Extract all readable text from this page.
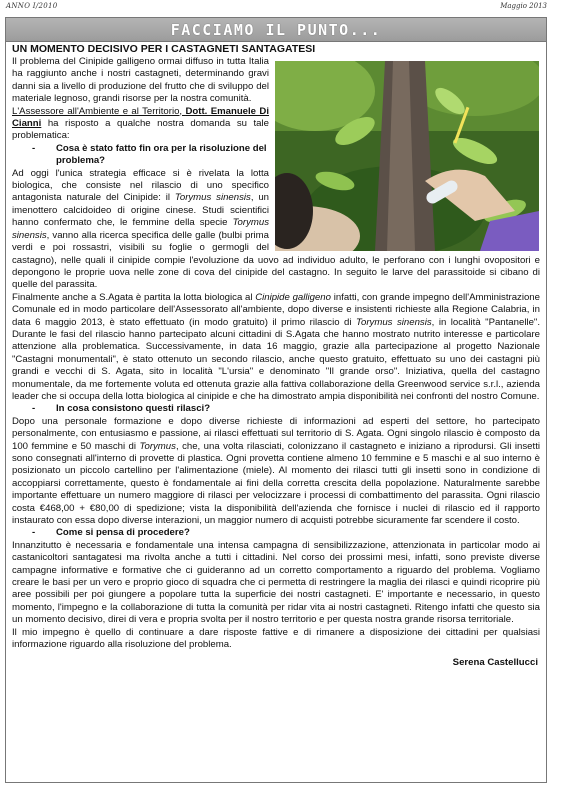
ANNO I/2010	Maggio 2013
FACCIAMO IL PUNTO...
UN MOMENTO DECISIVO PER I CASTAGNETI SANTAGATESI

Il problema del Cinipide galligeno ormai diffuso in tutta Italia ha raggiunto anche i nostri castagneti, determinando gravi danni sia a livello di produzione del frutto che di sviluppo del materiale legnoso, grandi risorse per la nostra comunità.

L'Assessore all'Ambiente e al Territorio, Dott. Emanuele Di Cianni ha risposto a qualche nostra domanda su tale problematica:

-	Cosa è stato fatto fin ora per la risoluzione del problema?

Ad oggi l'unica strategia efficace si è rivelata la lotta biologica, che consiste nel rilascio di uno specifico antagonista naturale del Cinipide: il Torymus sinensis, un imenottero calcidoideo di origine cinese. Studi scientifici hanno confermato che, le femmine della specie Torymus sinensis, vanno alla ricerca specifica delle galle (bulbi prima verdi e poi rossastri, visibili su foglie o germogli del castagno), nelle quali il cinipide compie l'evoluzione da uovo ad individuo adulto, le perforano con i lunghi ovopositori e depongono le proprie uova nelle zone di cova del cinipide del castagno. In seguito le larve del parassitoide si cibano di quelle del parassita.

Finalmente anche a S.Agata è partita la lotta biologica al Cinipide galligeno infatti, con grande impegno dell'Amministrazione Comunale ed in modo particolare dell'Assessorato all'ambiente, dopo diverse e insistenti richieste alla Regione Calabria, in data 6 maggio 2013, è stato effettuato (in modo gratuito) il primo rilascio di Torymus sinensis, in località "Pantanelle". Durante le fasi del rilascio hanno partecipato alcuni cittadini di S.Agata che hanno mostrato nutrito interesse e particolare attenzione alla problematica. Successivamente, in data 16 maggio, grazie alla partecipazione al progetto Nazionale "Castagni monumentali", è stato ottenuto un secondo rilascio, anche questo gratuito, effettuato su uno dei castagni più grandi e vecchi di S. Agata, sito in località "L'ursia" e denominato "Il grande orso". Iniziativa, quella del castagno monumentale, da me fortemente voluta ed ottenuta grazie alla fattiva collaborazione della Greenwood service s.r.l., azienda leader che si occupa della lotta biologica al cinipide e che ha dimostrato ampia disponibilità nei confronti del nostro Comune.

-	In cosa consistono questi rilasci?

Dopo una personale formazione e dopo diverse richieste di informazioni ad esperti del settore, ho partecipato personalmente, con entusiasmo e passione, ai rilasci effettuati sul territorio di S. Agata. Ogni singolo rilascio è composto da 100 femmine e 50 maschi di Torymus, che, una volta rilasciati, colonizzano il castagneto e iniziano a riprodursi. Gli insetti sono consegnati all'interno di provette di plastica. Ogni provetta contiene almeno 10 femmine e 5 maschi e al suo interno è posizionato un piccolo cartellino per l'alimentazione (miele). Al momento dei rilasci tutti gli insetti sono in condizione di accoppiarsi correttamente, questo è fondamentale ai fini della corretta crescita della popolazione. Naturalmente sarebbe importante effettuare un numero maggiore di rilasci per velocizzare i processi di combattimento del parassita. Ogni rilascio costa €468,00 + €80,00 di spedizione; vista la disponibilità dell'azienda che fornisce i nuclei di rilascio ed il rapporto instaurato con essa dopo diverse interazioni, un maggior numero di acquisti potrebbe sicuramente far scendere il costo.

-	Come si pensa di procedere?

Innanzitutto è necessaria e fondamentale una intensa campagna di sensibilizzazione, attenzionata in particolar modo ai castanicoltori santagatesi ma rivolta anche a tutti i cittadini. Nel corso dei prossimi mesi, infatti, sono previste diverse campagne informative e formative che ci guideranno ad un corretto comportamento a riguardo del problema. Vogliamo creare le basi per un vero e proprio gioco di squadra che ci permetta di restringere la maglia dei rilasci e quindi ricoprire più aree possibili per poi giungere a popolare tutta la superficie dei nostri castagneti. E' importante e necessario, in questo momento, l'impegno e la collaborazione di tutta la comunità per ridar vita ai nostri castagneti. Ritengo infatti che questo sia un momento decisivo, direi di vera e propria svolta per il nostro territorio e per questa nostra grande risorsa territoriale.

Il mio impegno è quello di continuare a dare risposte fattive e di rimanere a disposizione dei cittadini per qualsiasi informazione riguardo alla risoluzione del problema.

Serena Castellucci
